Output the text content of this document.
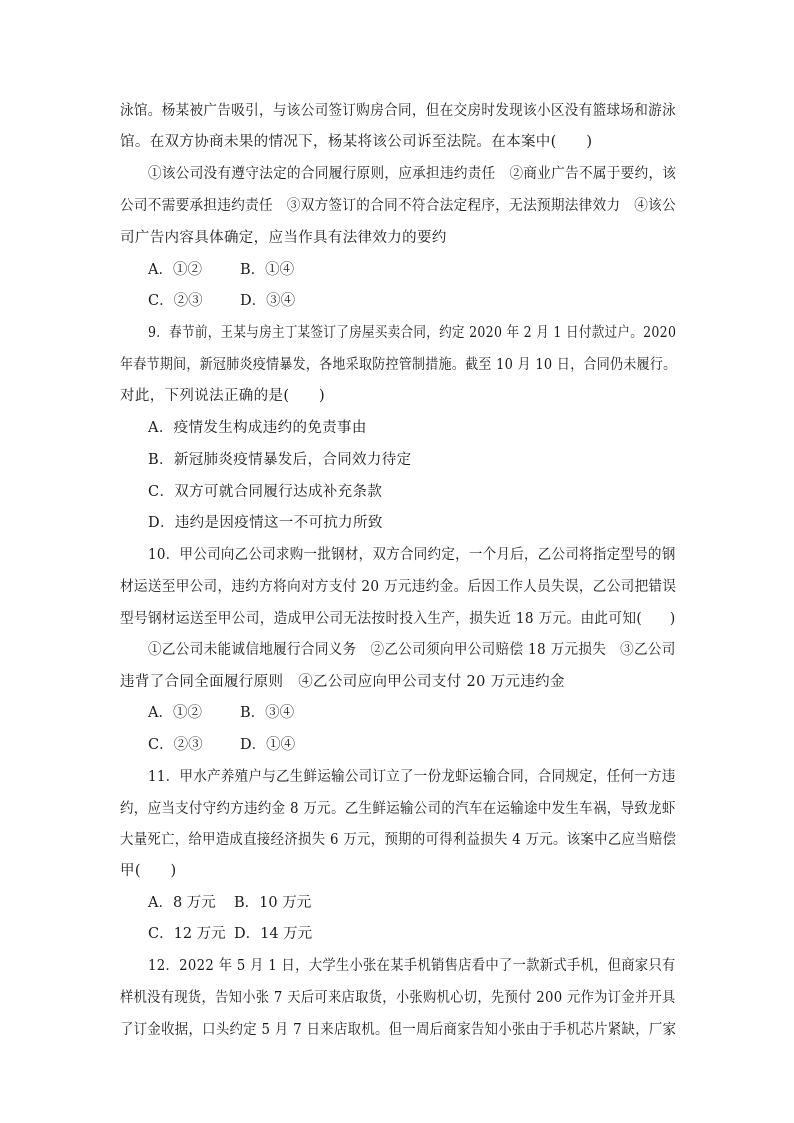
泳馆。杨某被广告吸引，与该公司签订购房合同，但在交房时发现该小区没有篮球场和游泳
馆。在双方协商未果的情况下，杨某将该公司诉至法院。在本案中(　　)
①该公司没有遵守法定的合同履行原则，应承担违约责任　②商业广告不属于要约，该
公司不需要承担违约责任　③双方签订的合同不符合法定程序，无法预期法律效力　④该公
司广告内容具体确定，应当作具有法律效力的要约
A．①②	B．①④
C．②③	D．③④
9．春节前，王某与房主丁某签订了房屋买卖合同，约定 2020 年 2 月 1 日付款过户。2020
年春节期间，新冠肺炎疫情暴发，各地采取防控管制措施。截至 10 月 10 日，合同仍未履行。
对此，下列说法正确的是(　　)
A．疫情发生构成违约的免责事由
B．新冠肺炎疫情暴发后，合同效力待定
C．双方可就合同履行达成补充条款
D．违约是因疫情这一不可抗力所致
10．甲公司向乙公司求购一批钢材，双方合同约定，一个月后，乙公司将指定型号的钢
材运送至甲公司，违约方将向对方支付 20 万元违约金。后因工作人员失误，乙公司把错误
型号钢材运送至甲公司，造成甲公司无法按时投入生产，损失近 18 万元。由此可知(　　)
①乙公司未能诚信地履行合同义务　②乙公司须向甲公司赔偿 18 万元损失　③乙公司
违背了合同全面履行原则　④乙公司应向甲公司支付 20 万元违约金
A．①②	B．③④
C．②③	D．①④
11．甲水产养殖户与乙生鲜运输公司订立了一份龙虾运输合同，合同规定，任何一方违
约，应当支付守约方违约金 8 万元。乙生鲜运输公司的汽车在运输途中发生车祸，导致龙虾
大量死亡，给甲造成直接经济损失 6 万元，预期的可得利益损失 4 万元。该案中乙应当赔偿
甲(　　)
A．8 万元 B．10 万元
C．12 万元 D．14 万元
12．2022 年 5 月 1 日，大学生小张在某手机销售店看中了一款新式手机，但商家只有
样机没有现货，告知小张 7 天后可来店取货，小张购机心切，先预付 200 元作为订金并开具
了订金收据，口头约定 5 月 7 日来店取机。但一周后商家告知小张由于手机芯片紧缺，厂家
